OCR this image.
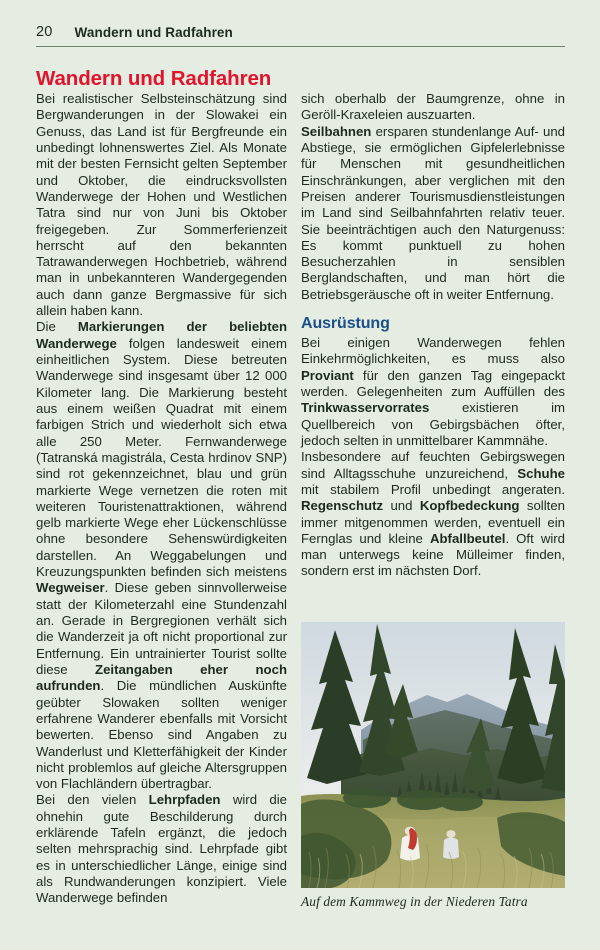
20 Wandern und Radfahren
Wandern und Radfahren

Bei realistischer Selbsteinschätzung sind Bergwanderungen in der Slowakei ein Genuss, das Land ist für Bergfreunde ein unbedingt lohnenswertes Ziel. Als Monate mit der besten Fernsicht gelten September und Oktober, die eindrucksvollsten Wanderwege der Hohen und Westlichen Tatra sind nur von Juni bis Oktober freigegeben. Zur Sommerferienzeit herrscht auf den bekannten Tatrawanderwegen Hochbetrieb, während man in unbekannteren Wandergegenden auch dann ganze Bergmassive für sich allein haben kann.

Die Markierungen der beliebten Wanderwege folgen landesweit einem einheitlichen System. Diese betreuten Wanderwege sind insgesamt über 12 000 Kilometer lang. Die Markierung besteht aus einem weißen Quadrat mit einem farbigen Strich und wiederholt sich etwa alle 250 Meter. Fernwanderwege (Tatranská magistrála, Cesta hrdinov SNP) sind rot gekennzeichnet, blau und grün markierte Wege vernetzen die roten mit weiteren Touristenattraktionen, während gelb markierte Wege eher Lückenschlüsse ohne besondere Sehenswürdigkeiten darstellen. An Weggabelungen und Kreuzungspunkten befinden sich meistens Wegweiser. Diese geben sinnvollerweise statt der Kilometerzahl eine Stundenzahl an. Gerade in Bergregionen verhält sich die Wanderzeit ja oft nicht proportional zur Entfernung. Ein untrainierter Tourist sollte diese Zeitangaben eher noch aufrunden. Die mündlichen Auskünfte geübter Slowaken sollten weniger erfahrene Wanderer ebenfalls mit Vorsicht bewerten. Ebenso sind Angaben zu Wanderlust und Kletterfähigkeit der Kinder nicht problemlos auf gleiche Altersgruppen von Flachländern übertragbar.

Bei den vielen Lehrpfaden wird die ohnehin gute Beschilderung durch erklärende Tafeln ergänzt, die jedoch selten mehrsprachig sind. Lehrpfade gibt es in unterschiedlicher Länge, einige sind als Rundwanderungen konzipiert. Viele Wanderwege befinden

sich oberhalb der Baumgrenze, ohne in Geröll-Kraxeleien auszuarten.

Seilbahnen ersparen stundenlange Auf- und Abstiege, sie ermöglichen Gipfelerlebnisse für Menschen mit gesundheitlichen Einschränkungen, aber verglichen mit den Preisen anderer Tourismusdienstleistungen im Land sind Seilbahnfahrten relativ teuer. Sie beeinträchtigen auch den Naturgenuss: Es kommt punktuell zu hohen Besucherzahlen in sensiblen Berglandschaften, und man hört die Betriebsgeräusche oft in weiter Entfernung.

Ausrüstung

Bei einigen Wanderwegen fehlen Einkehrmöglichkeiten, es muss also Proviant für den ganzen Tag eingepackt werden. Gelegenheiten zum Auffüllen des Trinkwasservorrates existieren im Quellbereich von Gebirgsbächen öfter, jedoch selten in unmittelbarer Kammnähe.

Insbesondere auf feuchten Gebirgswegen sind Alltagsschuhe unzureichend, Schuhe mit stabilem Profil unbedingt angeraten. Regenschutz und Kopfbedeckung sollten immer mitgenommen werden, eventuell ein Fernglas und kleine Abfallbeutel. Oft wird man unterwegs keine Mülleimer finden, sondern erst im nächsten Dorf.

Auf dem Kammweg in der Niederen Tatra
